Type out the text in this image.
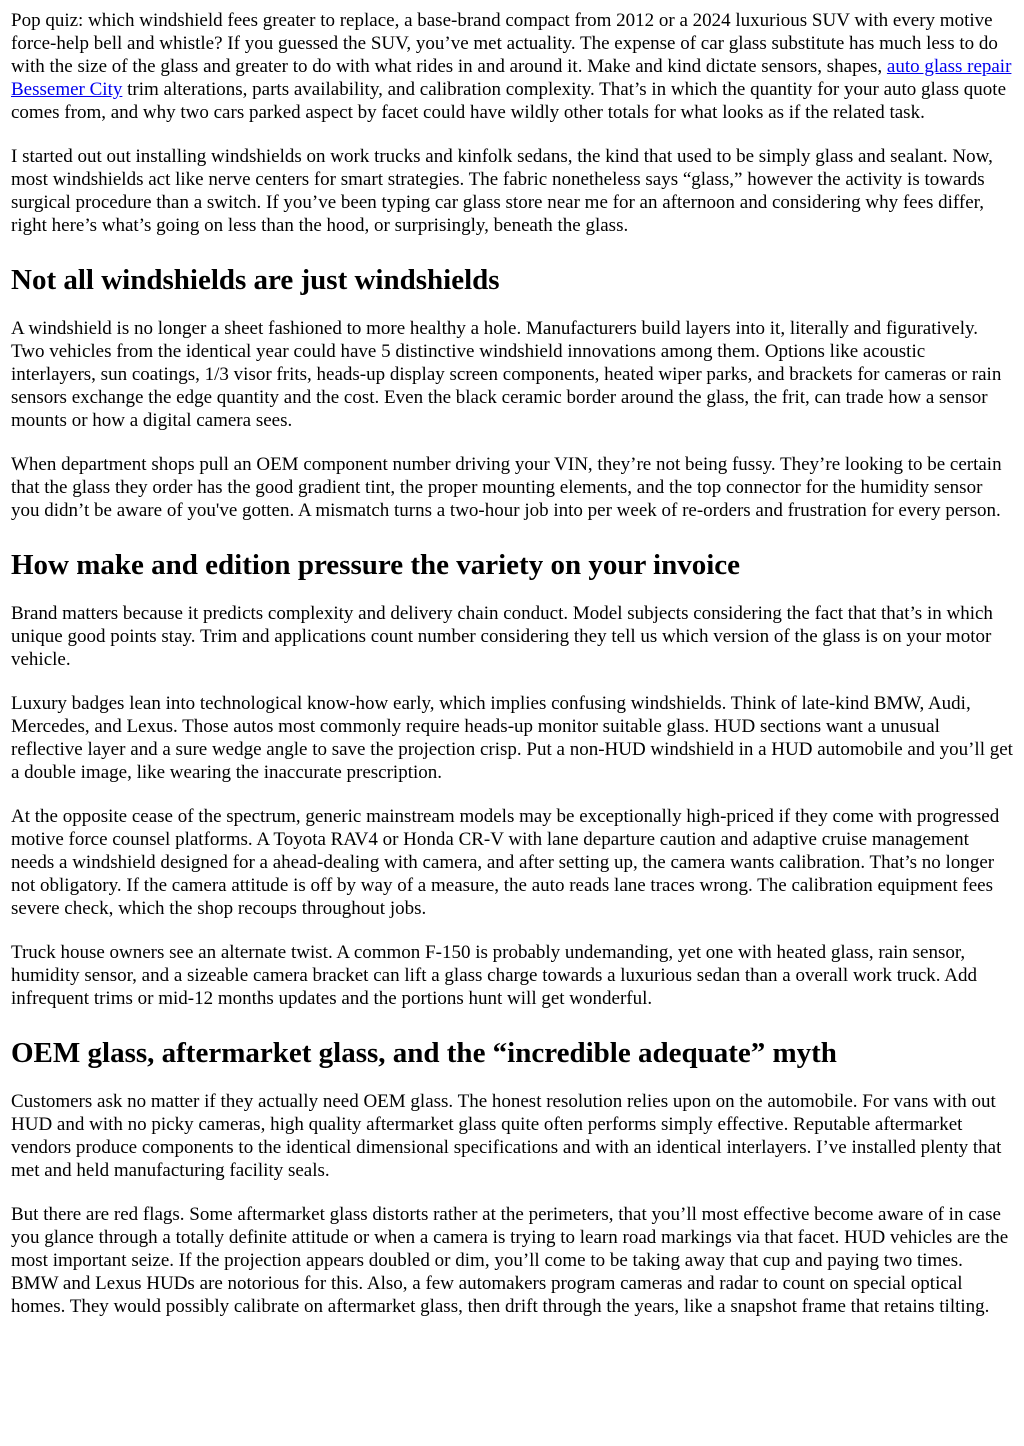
Pop quiz: which windshield fees greater to replace, a base-brand compact from 2012 or a 2024 luxurious SUV with every motive force-help bell and whistle? If you guessed the SUV, you’ve met actuality. The expense of car glass substitute has much less to do with the size of the glass and greater to do with what rides in and around it. Make and kind dictate sensors, shapes, auto glass repair Bessemer City trim alterations, parts availability, and calibration complexity. That’s in which the quantity for your auto glass quote comes from, and why two cars parked aspect by facet could have wildly other totals for what looks as if the related task.

I started out out installing windshields on work trucks and kinfolk sedans, the kind that used to be simply glass and sealant. Now, most windshields act like nerve centers for smart strategies. The fabric nonetheless says “glass,” however the activity is towards surgical procedure than a switch. If you’ve been typing car glass store near me for an afternoon and considering why fees differ, right here’s what’s going on less than the hood, or surprisingly, beneath the glass.

Not all windshields are just windshields

A windshield is no longer a sheet fashioned to more healthy a hole. Manufacturers build layers into it, literally and figuratively. Two vehicles from the identical year could have 5 distinctive windshield innovations among them. Options like acoustic interlayers, sun coatings, 1/3 visor frits, heads-up display screen components, heated wiper parks, and brackets for cameras or rain sensors exchange the edge quantity and the cost. Even the black ceramic border around the glass, the frit, can trade how a sensor mounts or how a digital camera sees.

When department shops pull an OEM component number driving your VIN, they’re not being fussy. They’re looking to be certain that the glass they order has the good gradient tint, the proper mounting elements, and the top connector for the humidity sensor you didn’t be aware of you've gotten. A mismatch turns a two-hour job into per week of re-orders and frustration for every person.

How make and edition pressure the variety on your invoice

Brand matters because it predicts complexity and delivery chain conduct. Model subjects considering the fact that that’s in which unique good points stay. Trim and applications count number considering they tell us which version of the glass is on your motor vehicle.

Luxury badges lean into technological know-how early, which implies confusing windshields. Think of late-kind BMW, Audi, Mercedes, and Lexus. Those autos most commonly require heads-up monitor suitable glass. HUD sections want a unusual reflective layer and a sure wedge angle to save the projection crisp. Put a non-HUD windshield in a HUD automobile and you’ll get a double image, like wearing the inaccurate prescription.

At the opposite cease of the spectrum, generic mainstream models may be exceptionally high-priced if they come with progressed motive force counsel platforms. A Toyota RAV4 or Honda CR-V with lane departure caution and adaptive cruise management needs a windshield designed for a ahead-dealing with camera, and after setting up, the camera wants calibration. That’s no longer not obligatory. If the camera attitude is off by way of a measure, the auto reads lane traces wrong. The calibration equipment fees severe check, which the shop recoups throughout jobs.

Truck house owners see an alternate twist. A common F-150 is probably undemanding, yet one with heated glass, rain sensor, humidity sensor, and a sizeable camera bracket can lift a glass charge towards a luxurious sedan than a overall work truck. Add infrequent trims or mid-12 months updates and the portions hunt will get wonderful.

OEM glass, aftermarket glass, and the “incredible adequate” myth

Customers ask no matter if they actually need OEM glass. The honest resolution relies upon on the automobile. For vans with out HUD and with no picky cameras, high quality aftermarket glass quite often performs simply effective. Reputable aftermarket vendors produce components to the identical dimensional specifications and with an identical interlayers. I’ve installed plenty that met and held manufacturing facility seals.

But there are red flags. Some aftermarket glass distorts rather at the perimeters, that you’ll most effective become aware of in case you glance through a totally definite attitude or when a camera is trying to learn road markings via that facet. HUD vehicles are the most important seize. If the projection appears doubled or dim, you’ll come to be taking away that cup and paying two times. BMW and Lexus HUDs are notorious for this. Also, a few automakers program cameras and radar to count on special optical homes. They would possibly calibrate on aftermarket glass, then drift through the years, like a snapshot frame that retains tilting.
